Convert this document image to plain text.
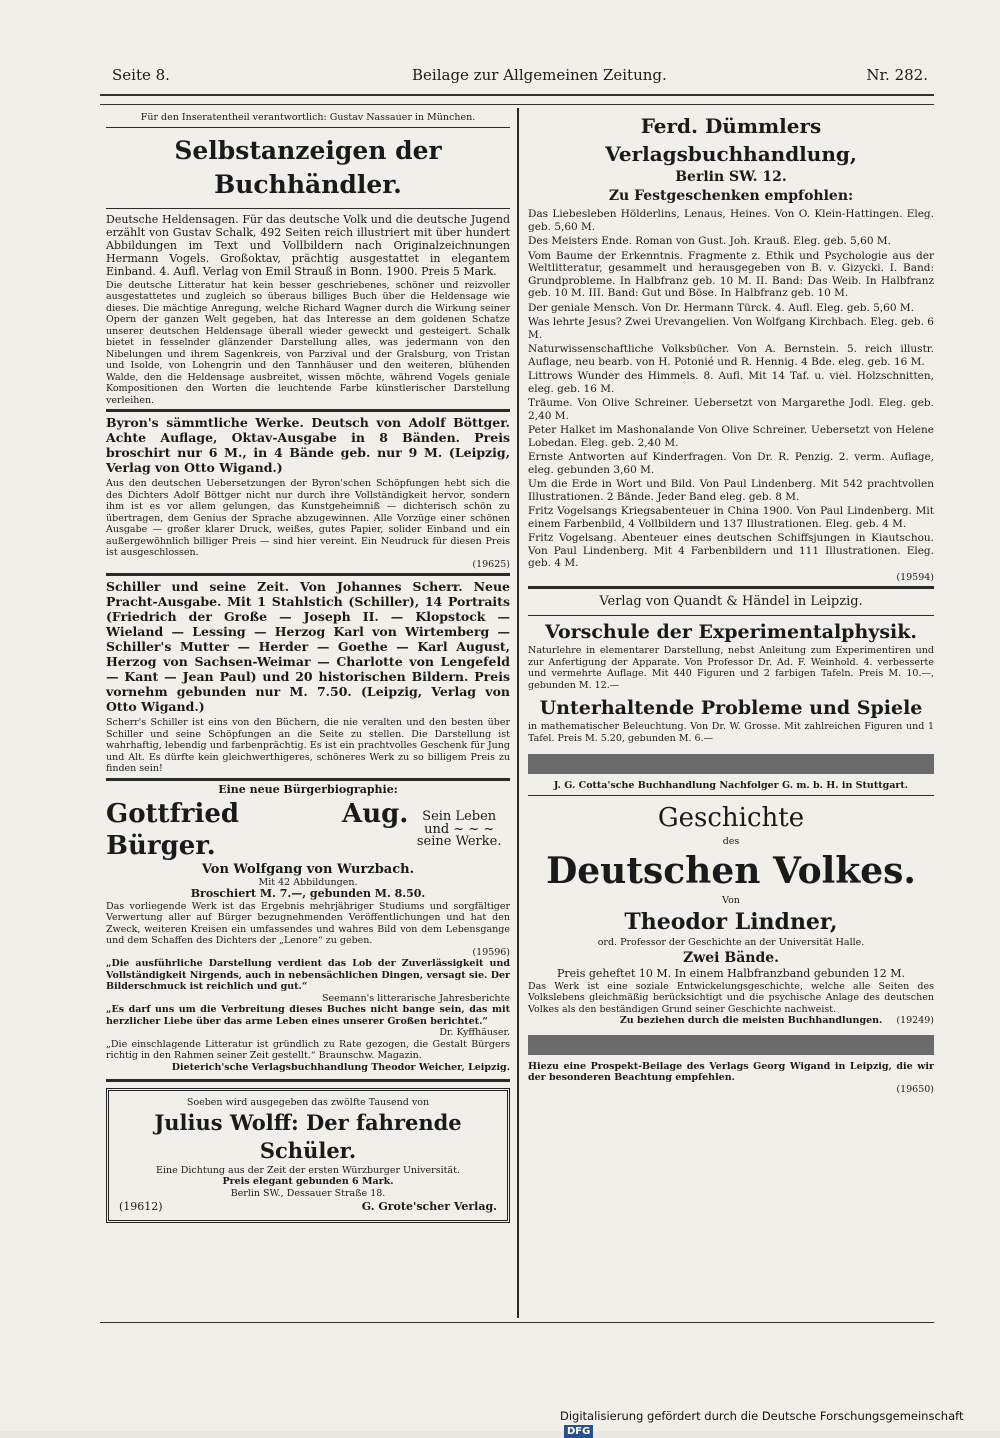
Seite 8.	Beilage zur Allgemeinen Zeitung.	Nr. 282.

Für den Inseratentheil verantwortlich: Gustav Nassauer in München.

Selbstanzeigen der Buchhändler.

Deutsche Heldensagen. Für das deutsche Volk und die deutsche Jugend erzählt von Gustav Schalk, 492 Seiten reich illustriert mit über hundert Abbildungen im Text und Vollbildern nach Originalzeichnungen Hermann Vogels. Großoktav, prächtig ausgestattet in elegantem Einband. 4. Aufl. Verlag von Emil Strauß in Bonn. 1900. Preis 5 Mark.

Die deutsche Litteratur hat kein besser geschriebenes, schöner und reizvoller ausgestattetes und zugleich so überaus billiges Buch über die Heldensage wie dieses. Die mächtige Anregung, welche Richard Wagner durch die Wirkung seiner Opern der ganzen Welt gegeben, hat das Interesse an dem goldenen Schatze unserer deutschen Heldensage überall wieder geweckt und gesteigert. Schalk bietet in fesselnder glänzender Darstellung alles, was jedermann von den Nibelungen und ihrem Sagenkreis, von Parzival und der Gralsburg, von Tristan und Isolde, von Lohengrin und den Tannhäuser und den weiteren, blühenden Walde, den die Heldensage ausbreitet, wissen möchte, während Vogels geniale Kompositionen den Worten die leuchtende Farbe künstlerischer Darstellung verleihen.

Byron's sämmtliche Werke. Deutsch von Adolf Böttger. Achte Auflage, Oktav-Ausgabe in 8 Bänden. Preis broschirt nur 6 M., in 4 Bände geb. nur 9 M. (Leipzig, Verlag von Otto Wigand.)

Aus den deutschen Uebersetzungen der Byron'schen Schöpfungen hebt sich die des Dichters Adolf Böttger nicht nur durch ihre Vollständigkeit hervor, sondern ihm ist es vor allem gelungen, das Kunstgeheimniß — dichterisch schön zu übertragen, dem Genius der Sprache abzugewinnen. Alle Vorzüge einer schönen Ausgabe — großer klarer Druck, weißes, gutes Papier, solider Einband und ein außergewöhnlich billiger Preis — sind hier vereint. Ein Neudruck für diesen Preis ist ausgeschlossen.

(19625)

Schiller und seine Zeit. Von Johannes Scherr. Neue Pracht-Ausgabe. Mit 1 Stahlstich (Schiller), 14 Portraits (Friedrich der Große — Joseph II. — Klopstock — Wieland — Lessing — Herzog Karl von Wirtemberg — Schiller's Mutter — Herder — Goethe — Karl August, Herzog von Sachsen-Weimar — Charlotte von Lengefeld — Kant — Jean Paul) und 20 historischen Bildern. Preis vornehm gebunden nur M. 7.50. (Leipzig, Verlag von Otto Wigand.)

Scherr's Schiller ist eins von den Büchern, die nie veralten und den besten über Schiller und seine Schöpfungen an die Seite zu stellen. Die Darstellung ist wahrhaftig, lebendig und farbenprächtig. Es ist ein prachtvolles Geschenk für Jung und Alt. Es dürfte kein gleichwerthigeres, schöneres Werk zu so billigem Preis zu finden sein!

Eine neue Bürgerbiographie:

Gottfried Aug. Bürger.
Sein Leben und ~ ~ ~ seine Werke.

Von Wolfgang von Wurzbach.

Mit 42 Abbildungen.

Broschiert M. 7.—, gebunden M. 8.50.

Das vorliegende Werk ist das Ergebnis mehrjähriger Studiums und sorgfältiger Verwertung aller auf Bürger bezugnehmenden Veröffentlichungen und hat den Zweck, weiteren Kreisen ein umfassendes und wahres Bild von dem Lebensgange und dem Schaffen des Dichters der „Lenore“ zu geben.

(19596)

„Die ausführliche Darstellung verdient das Lob der Zuverlässigkeit und Vollständigkeit Nirgends, auch in nebensächlichen Dingen, versagt sie. Der Bilderschmuck ist reichlich und gut.“

Seemann's litterarische Jahresberichte

„Es darf uns um die Verbreitung dieses Buches nicht bange sein, das mit herzlicher Liebe über das arme Leben eines unserer Großen berichtet.“

Dr. Kyffhäuser.

„Die einschlagende Litteratur ist gründlich zu Rate gezogen, die Gestalt Bürgers richtig in den Rahmen seiner Zeit gestellt.“ Braunschw. Magazin.

Dieterich'sche Verlagsbuchhandlung Theodor Weicher, Leipzig.

Soeben wird ausgegeben das zwölfte Tausend von

Julius Wolff: Der fahrende Schüler.

Eine Dichtung aus der Zeit der ersten Würzburger Universität.

Preis elegant gebunden 6 Mark.

Berlin SW., Dessauer Straße 18.

(19612)	G. Grote'scher Verlag.

Ferd. Dümmlers Verlagsbuchhandlung,

Berlin SW. 12.

Zu Festgeschenken empfohlen:

Das Liebesleben Hölderlins, Lenaus, Heines. Von O. Klein-Hattingen. Eleg. geb. 5,60 M.

Des Meisters Ende. Roman von Gust. Joh. Krauß. Eleg. geb. 5,60 M.

Vom Baume der Erkenntnis. Fragmente z. Ethik und Psychologie aus der Weltlitteratur, gesammelt und herausgegeben von B. v. Gizycki. I. Band: Grundprobleme. In Halbfranz geb. 10 M. II. Band: Das Weib. In Halbfranz geb. 10 M. III. Band: Gut und Böse. In Halbfranz geb. 10 M.

Der geniale Mensch. Von Dr. Hermann Türck. 4. Aufl. Eleg. geb. 5,60 M.

Was lehrte Jesus? Zwei Urevangelien. Von Wolfgang Kirchbach. Eleg. geb. 6 M.

Naturwissenschaftliche Volksbücher. Von A. Bernstein. 5. reich illustr. Auflage, neu bearb. von H. Potonié und R. Hennig. 4 Bde. eleg. geb. 16 M.

Littrows Wunder des Himmels. 8. Aufl. Mit 14 Taf. u. viel. Holzschnitten, eleg. geb. 16 M.

Träume. Von Olive Schreiner. Uebersetzt von Margarethe Jodl. Eleg. geb. 2,40 M.

Peter Halket im Mashonalande Von Olive Schreiner. Uebersetzt von Helene Lobedan. Eleg. geb. 2,40 M.

Ernste Antworten auf Kinderfragen. Von Dr. R. Penzig. 2. verm. Auflage, eleg. gebunden 3,60 M.

Um die Erde in Wort und Bild. Von Paul Lindenberg. Mit 542 prachtvollen Illustrationen. 2 Bände. Jeder Band eleg. geb. 8 M.

Fritz Vogelsangs Kriegsabenteuer in China 1900. Von Paul Lindenberg. Mit einem Farbenbild, 4 Vollbildern und 137 Illustrationen. Eleg. geb. 4 M.

Fritz Vogelsang. Abenteuer eines deutschen Schiffsjungen in Kiautschou. Von Paul Lindenberg. Mit 4 Farbenbildern und 111 Illustrationen. Eleg. geb. 4 M.

(19594)

Verlag von Quandt & Händel in Leipzig.

Vorschule der Experimentalphysik.

Naturlehre in elementarer Darstellung, nebst Anleitung zum Experimentiren und zur Anfertigung der Apparate. Von Professor Dr. Ad. F. Weinhold. 4. verbesserte und vermehrte Auflage. Mit 440 Figuren und 2 farbigen Tafeln. Preis M. 10.—, gebunden M. 12.—

Unterhaltende Probleme und Spiele

in mathematischer Beleuchtung. Von Dr. W. Grosse. Mit zahlreichen Figuren und 1 Tafel. Preis M. 5.20, gebunden M. 6.—

J. G. Cotta'sche Buchhandlung Nachfolger G. m. b. H. in Stuttgart.

Geschichte

des

Deutschen Volkes.

Von

Theodor Lindner,

ord. Professor der Geschichte an der Universität Halle.

Zwei Bände.

Preis geheftet 10 M. In einem Halbfranzband gebunden 12 M.

Das Werk ist eine soziale Entwickelungsgeschichte, welche alle Seiten des Volkslebens gleichmäßig berücksichtigt und die psychische Anlage des deutschen Volkes als den beständigen Grund seiner Geschichte nachweist.

Zu beziehen durch die meisten Buchhandlungen. (19249)

Hiezu eine Prospekt-Beilage des Verlags Georg Wigand in Leipzig, die wir der besonderen Beachtung empfehlen.

(19650)

Digitalisierung gefördert durch die Deutsche Forschungsgemeinschaft DFG
